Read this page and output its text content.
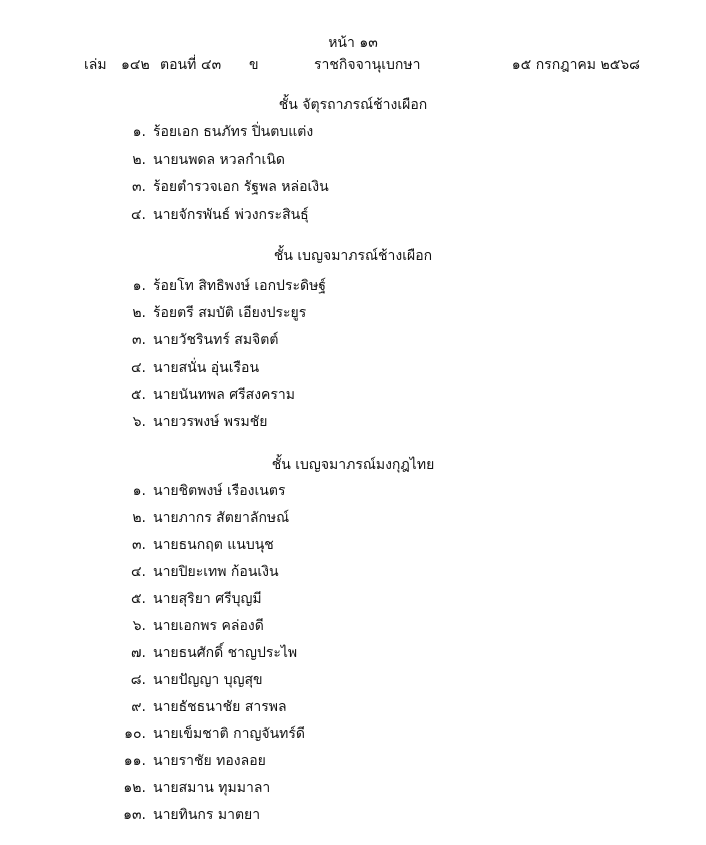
หน้า ๑๓
เล่ม ๑๔๒ ตอนที่ ๔๓ ข	ราชกิจจานุเบกษา	๑๕ กรกฎาคม ๒๕๖๘
ชั้น จัตุรถาภรณ์ช้างเผือก
๑. ร้อยเอก ธนภัทร ปิ่นตบแต่ง
๒. นายนพดล หวลกำเนิด
๓. ร้อยตำรวจเอก รัฐพล หล่อเงิน
๔. นายจักรพันธ์ พ่วงกระสินธุ์
ชั้น เบญจมาภรณ์ช้างเผือก
๑. ร้อยโท สิทธิพงษ์ เอกประดิษฐ์
๒. ร้อยตรี สมบัติ เอียงประยูร
๓. นายวัชรินทร์ สมจิตต์
๔. นายสนั่น อุ่นเรือน
๕. นายนันทพล ศรีสงคราม
๖. นายวรพงษ์ พรมชัย
ชั้น เบญจมาภรณ์มงกุฎไทย
๑. นายชิตพงษ์ เรืองเนตร
๒. นายภากร สัตยาลักษณ์
๓. นายธนกฤต แนบนุช
๔. นายปิยะเทพ ก้อนเงิน
๕. นายสุริยา ศรีบุญมี
๖. นายเอกพร คล่องดี
๗. นายธนศักดิ์ ชาญประไพ
๘. นายปัญญา บุญสุข
๙. นายธัชธนาชัย สารพล
๑๐. นายเข็มชาติ กาญจันทร์ดี
๑๑. นายราชัย ทองลอย
๑๒. นายสมาน ทุมมาลา
๑๓. นายทินกร มาตยา
